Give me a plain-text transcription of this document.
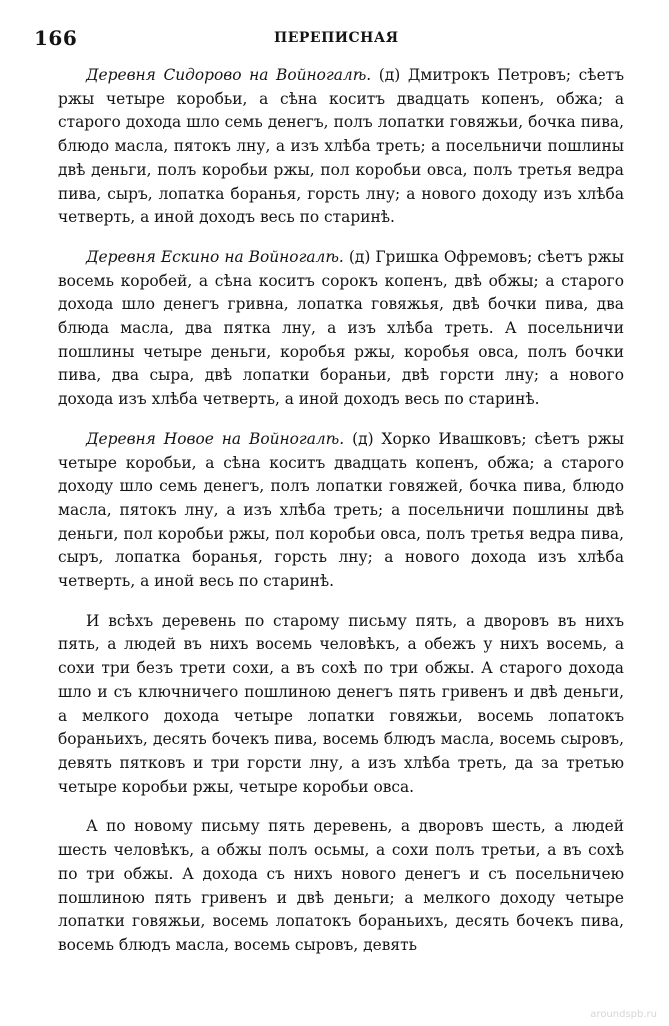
166	ПЕРЕПИСНАЯ

Деревня Сидорово на Войногалѣ. (д) Дмитрокъ Петровъ; сѣетъ ржы четыре коробьи, а сѣна коситъ двадцать копенъ, обжа; а старого дохода шло семь денегъ, полъ лопатки говяжьи, бочка пива, блюдо масла, пятокъ лну, а изъ хлѣба треть; а посельничи пошлины двѣ деньги, полъ коробьи ржы, пол коробьи овса, полъ третья ведра пива, сыръ, лопатка боранья, горсть лну; а нового доходу изъ хлѣба четверть, а иной доходъ весь по старинѣ.

Деревня Ескино на Войногалѣ. (д) Гришка Офремовъ; сѣетъ ржы восемь коробей, а сѣна коситъ сорокъ копенъ, двѣ обжы; а старого дохода шло денегъ гривна, лопатка говяжья, двѣ бочки пива, два блюда масла, два пятка лну, а изъ хлѣба треть. А посельничи пошлины четыре деньги, коробья ржы, коробья овса, полъ бочки пива, два сыра, двѣ лопатки бораньи, двѣ горсти лну; а нового дохода изъ хлѣба четверть, а иной доходъ весь по старинѣ.

Деревня Новое на Войногалѣ. (д) Хорко Ивашковъ; сѣетъ ржы четыре коробьи, а сѣна коситъ двадцать копенъ, обжа; а старого доходу шло семь денегъ, полъ лопатки говяжей, бочка пива, блюдо масла, пятокъ лну, а изъ хлѣба треть; а посельничи пошлины двѣ деньги, пол коробьи ржы, пол коробьи овса, полъ третья ведра пива, сыръ, лопатка боранья, горсть лну; а нового дохода изъ хлѣба четверть, а иной весь по старинѣ.

И всѣхъ деревень по старому письму пять, а дворовъ въ нихъ пять, а людей въ нихъ восемь человѣкъ, а обежъ у нихъ восемь, а сохи три безъ трети сохи, а въ сохѣ по три обжы. А старого дохода шло и съ ключничего пошлиною денегъ пять гривенъ и двѣ деньги, а мелкого дохода четыре лопатки говяжьи, восемь лопатокъ бораньихъ, десять бочекъ пива, восемь блюдъ масла, восемь сыровъ, девять пятковъ и три горсти лну, а изъ хлѣба треть, да за третью четыре коробьи ржы, четыре коробьи овса.

А по новому письму пять деревень, а дворовъ шесть, а людей шесть человѣкъ, а обжы полъ осьмы, а сохи полъ третьи, а въ сохѣ по три обжы. А дохода съ нихъ нового денегъ и съ посельничею пошлиною пять гривенъ и двѣ деньги; а мелкого доходу четыре лопатки говяжьи, восемь лопатокъ бораньихъ, десять бочекъ пива, восемь блюдъ масла, восемь сыровъ, девять

aroundspb.ru
